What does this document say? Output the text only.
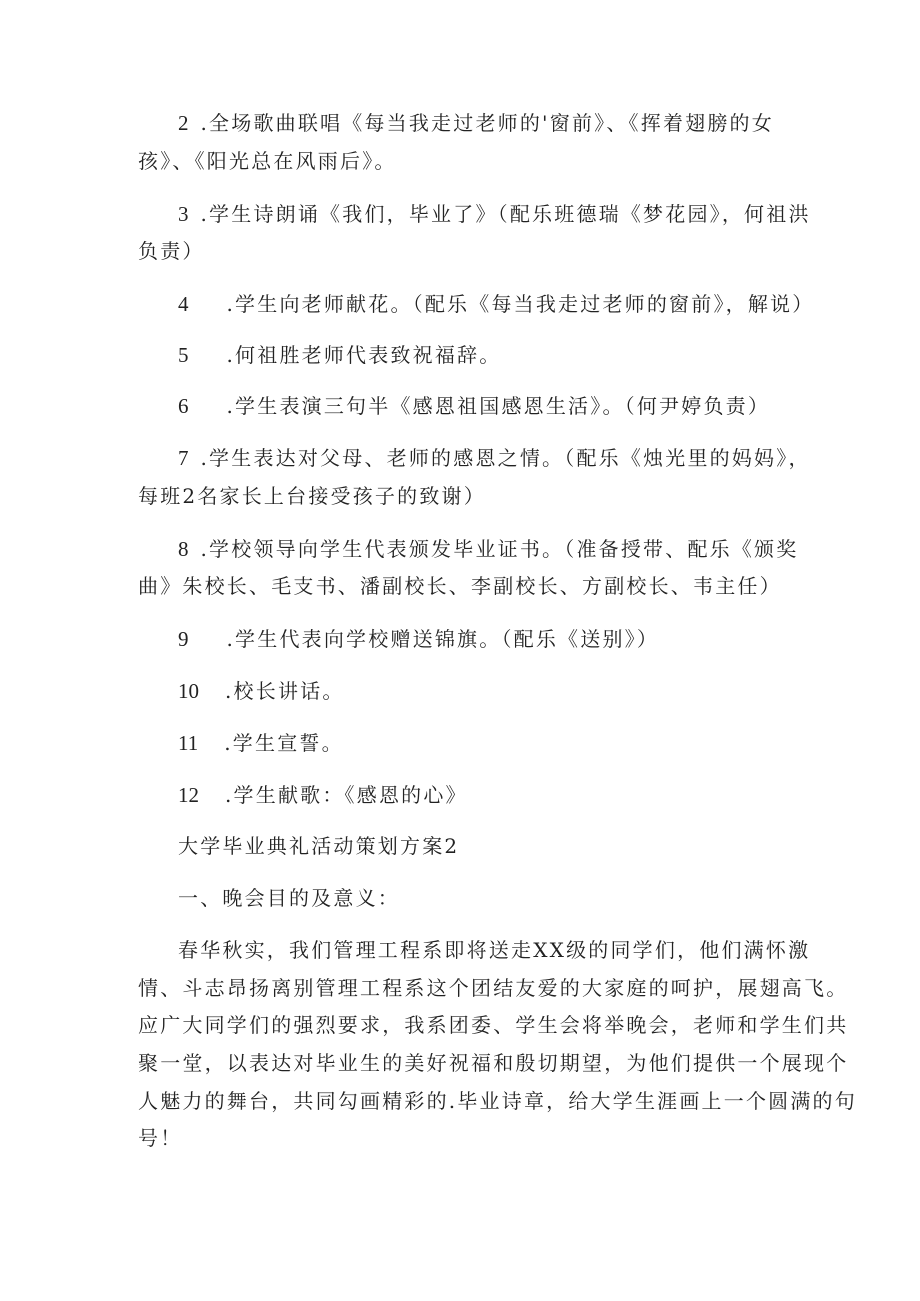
2 .全场歌曲联唱《每当我走过老师的'窗前》、《挥着翅膀的女
孩》、《阳光总在风雨后》。
3 .学生诗朗诵《我们，毕业了》（配乐班德瑞《梦花园》，何祖洪
负责）
4 .学生向老师献花。（配乐《每当我走过老师的窗前》，解说）
5 .何祖胜老师代表致祝福辞。
6 .学生表演三句半《感恩祖国感恩生活》。（何尹婷负责）
7 .学生表达对父母、老师的感恩之情。（配乐《烛光里的妈妈》，
每班2名家长上台接受孩子的致谢）
8 .学校领导向学生代表颁发毕业证书。（准备授带、配乐《颁奖
曲》朱校长、毛支书、潘副校长、李副校长、方副校长、韦主任）
9 .学生代表向学校赠送锦旗。（配乐《送别》）
10 .校长讲话。
11 .学生宣誓。
12 .学生献歌：《感恩的心》
大学毕业典礼活动策划方案2
一、晚会目的及意义：
春华秋实，我们管理工程系即将送走XX级的同学们，他们满怀激
情、斗志昂扬离别管理工程系这个团结友爱的大家庭的呵护，展翅高飞。
应广大同学们的强烈要求，我系团委、学生会将举晚会，老师和学生们共
聚一堂，以表达对毕业生的美好祝福和殷切期望，为他们提供一个展现个
人魅力的舞台，共同勾画精彩的.毕业诗章，给大学生涯画上一个圆满的句
号！
